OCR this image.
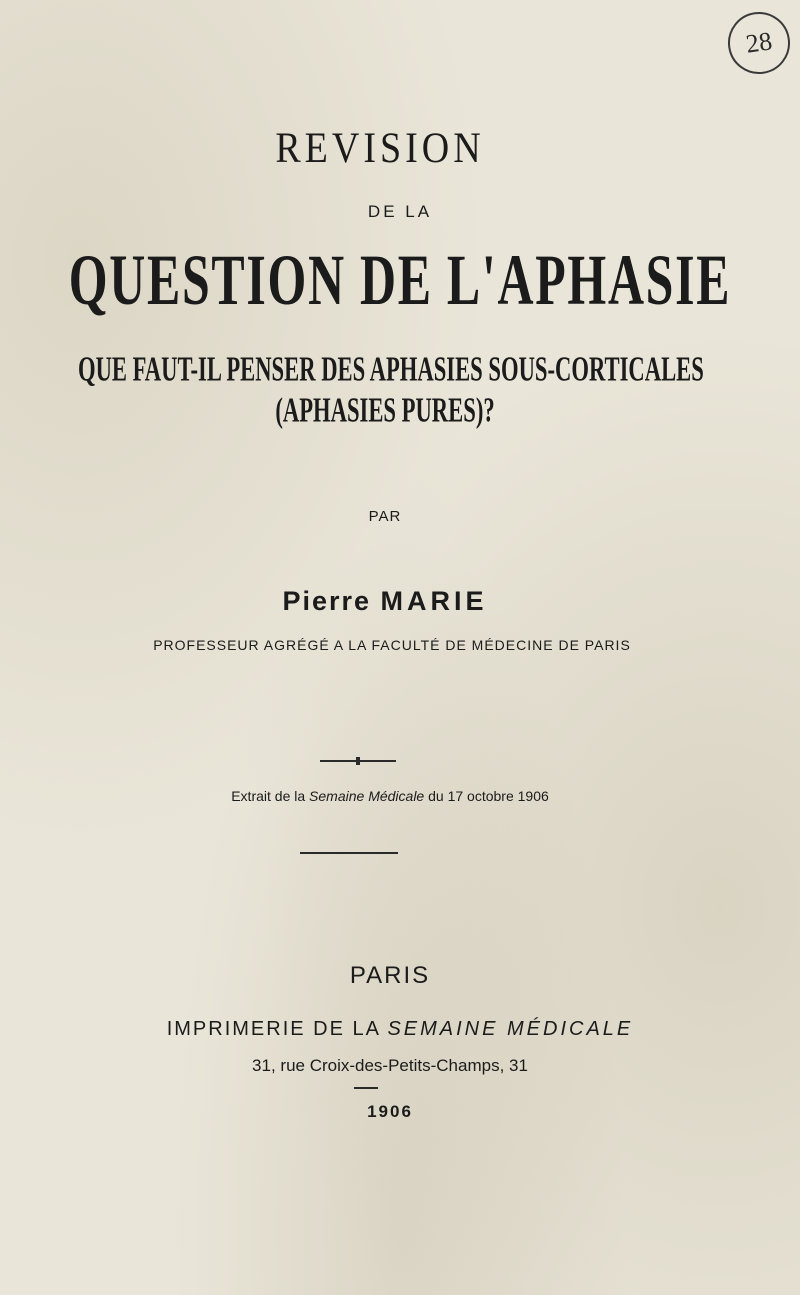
28
REVISION
DE LA
QUESTION DE L'APHASIE
QUE FAUT-IL PENSER DES APHASIES SOUS-CORTICALES
(APHASIES PURES)?
PAR
Pierre MARIE
PROFESSEUR AGRÉGÉ A LA FACULTÉ DE MÉDECINE DE PARIS
Extrait de la Semaine Médicale du 17 octobre 1906
PARIS
IMPRIMERIE DE LA SEMAINE MÉDICALE
31, rue Croix-des-Petits-Champs, 31
1906
